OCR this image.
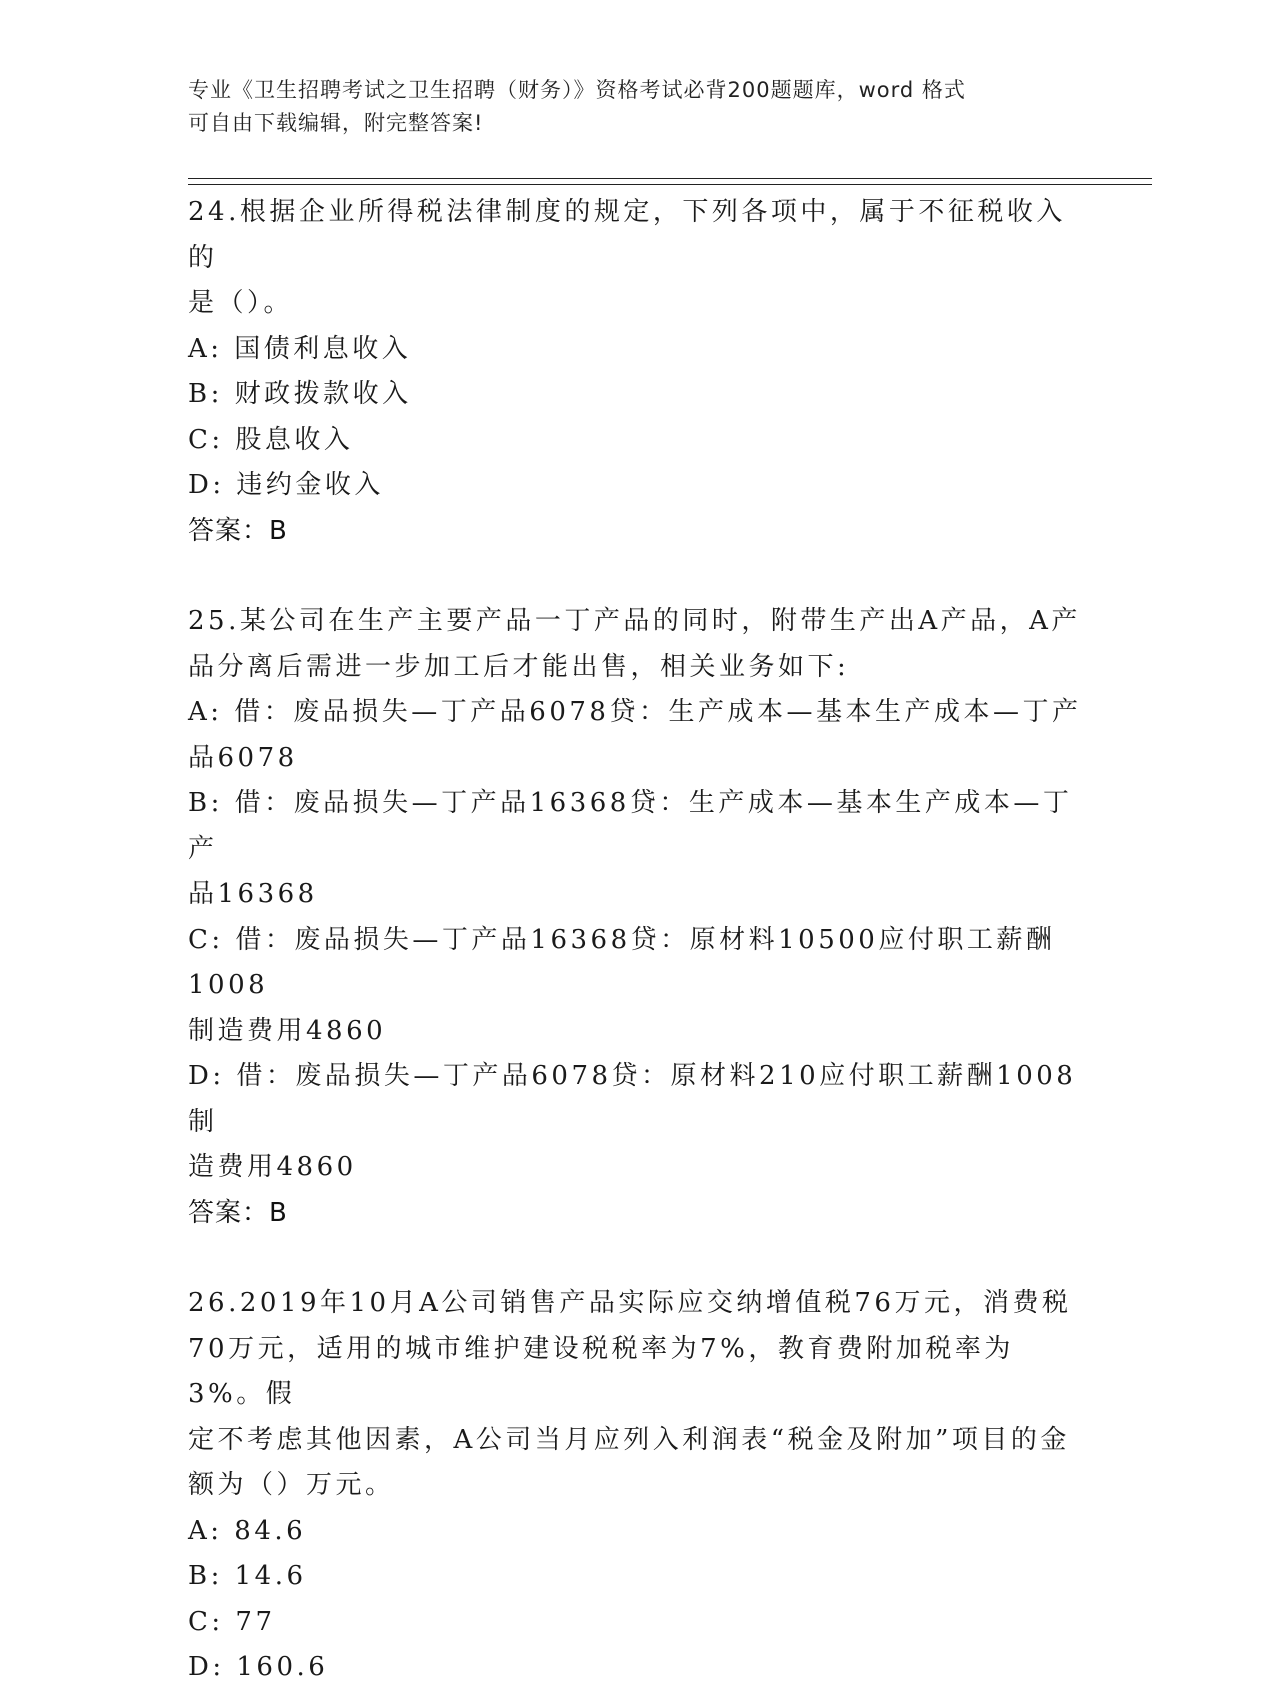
专业《卫生招聘考试之卫生招聘（财务）》资格考试必背200题题库，word 格式
可自由下载编辑，附完整答案!
24.根据企业所得税法律制度的规定，下列各项中，属于不征税收入的
是（）。
A: 国债利息收入
B: 财政拨款收入
C: 股息收入
D: 违约金收入
答案：B
25.某公司在生产主要产品一丁产品的同时，附带生产出A产品，A产
品分离后需进一步加工后才能出售，相关业务如下:
A: 借：废品损失—丁产品6078贷：生产成本—基本生产成本—丁产
品6078
B: 借：废品损失—丁产品16368贷：生产成本—基本生产成本—丁产
品16368
C: 借：废品损失—丁产品16368贷：原材料10500应付职工薪酬1008
制造费用4860
D: 借：废品损失—丁产品6078贷：原材料210应付职工薪酬1008制
造费用4860
答案：B
26.2019年10月A公司销售产品实际应交纳增值税76万元，消费税
70万元，适用的城市维护建设税税率为7%，教育费附加税率为3%。假
定不考虑其他因素，A公司当月应列入利润表“税金及附加”项目的金
额为（）万元。
A: 84.6
B: 14.6
C: 77
D: 160.6
